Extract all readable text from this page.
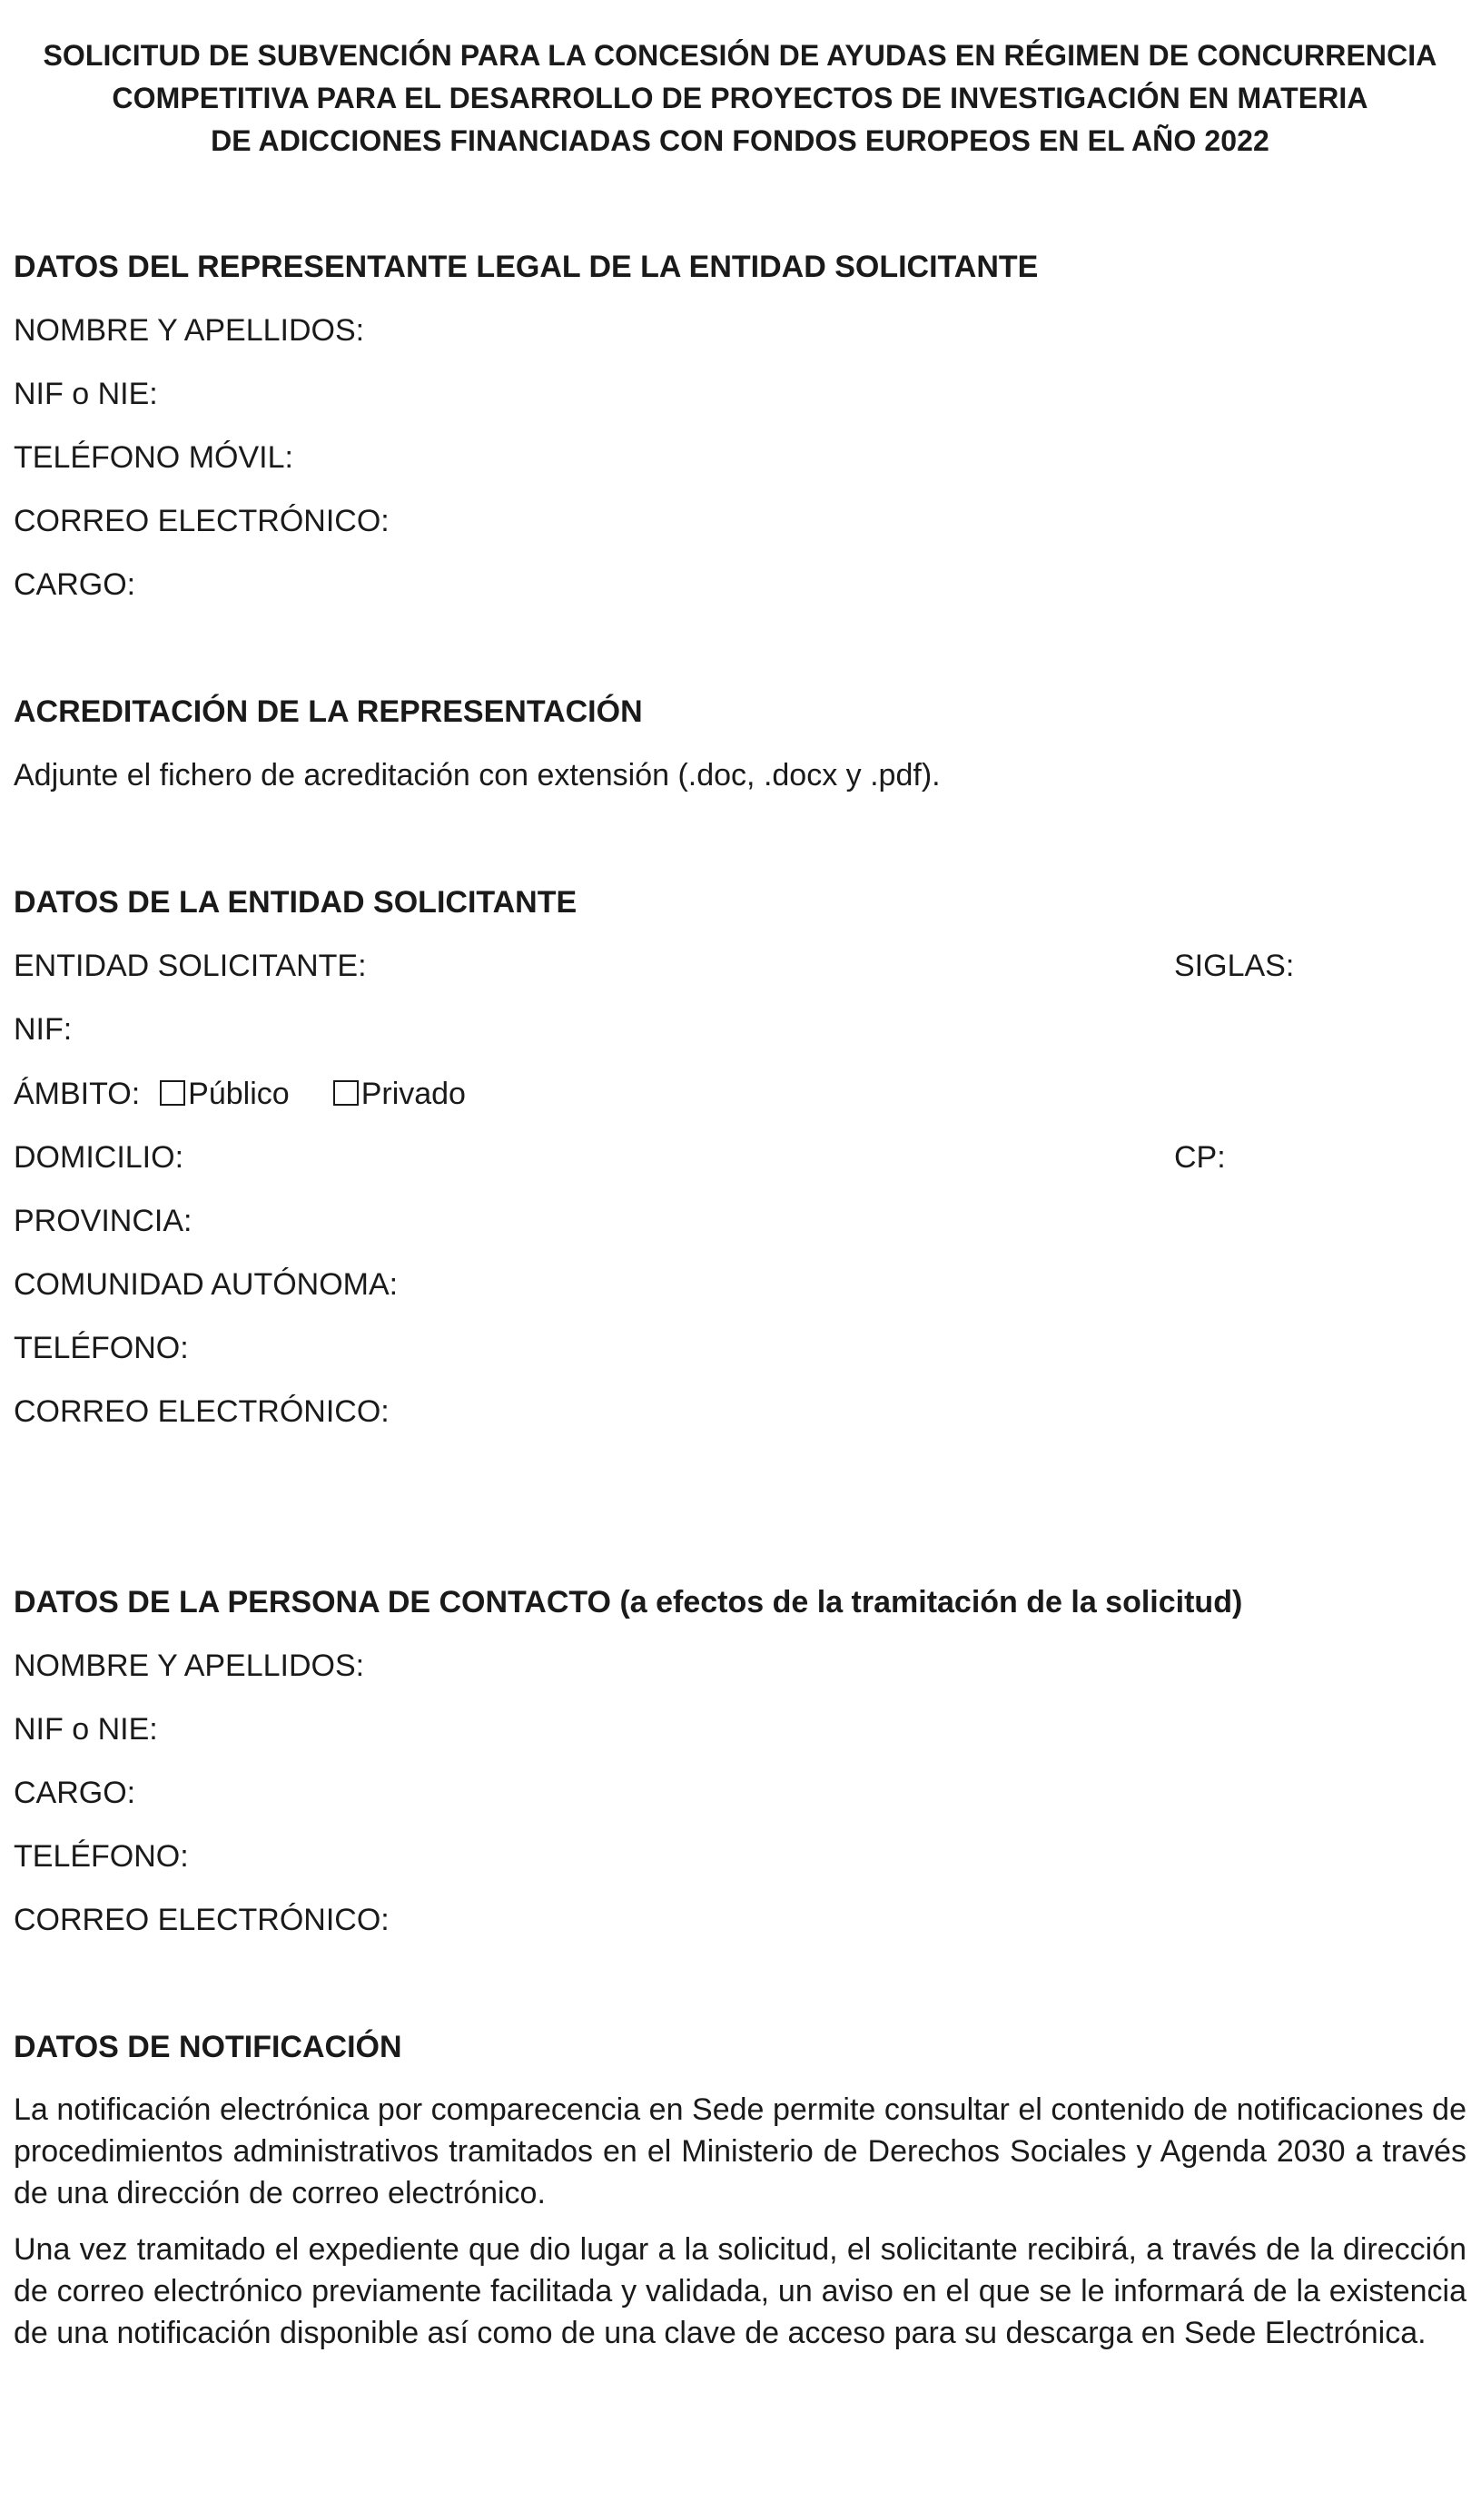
SOLICITUD DE SUBVENCIÓN PARA LA CONCESIÓN DE AYUDAS EN RÉGIMEN DE CONCURRENCIA
COMPETITIVA PARA EL DESARROLLO DE PROYECTOS DE INVESTIGACIÓN EN MATERIA
DE ADICCIONES FINANCIADAS CON FONDOS EUROPEOS EN EL AÑO 2022
DATOS DEL REPRESENTANTE LEGAL DE LA ENTIDAD SOLICITANTE
NOMBRE Y APELLIDOS:
NIF o NIE:
TELÉFONO MÓVIL:
CORREO ELECTRÓNICO:
CARGO:
ACREDITACIÓN DE LA REPRESENTACIÓN
Adjunte el fichero de acreditación con extensión (.doc, .docx y .pdf).
DATOS DE LA ENTIDAD SOLICITANTE
ENTIDAD SOLICITANTE:	SIGLAS:
NIF:
ÁMBITO: Público Privado
DOMICILIO:	CP:
PROVINCIA:
COMUNIDAD AUTÓNOMA:
TELÉFONO:
CORREO ELECTRÓNICO:
DATOS DE LA PERSONA DE CONTACTO (a efectos de la tramitación de la solicitud)
NOMBRE Y APELLIDOS:
NIF o NIE:
CARGO:
TELÉFONO:
CORREO ELECTRÓNICO:
DATOS DE NOTIFICACIÓN
La notificación electrónica por comparecencia en Sede permite consultar el contenido de notificaciones de procedimientos administrativos tramitados en el Ministerio de Derechos Sociales y Agenda 2030 a través de una dirección de correo electrónico.
Una vez tramitado el expediente que dio lugar a la solicitud, el solicitante recibirá, a través de la dirección de correo electrónico previamente facilitada y validada, un aviso en el que se le informará de la existencia de una notificación disponible así como de una clave de acceso para su descarga en Sede Electrónica.
